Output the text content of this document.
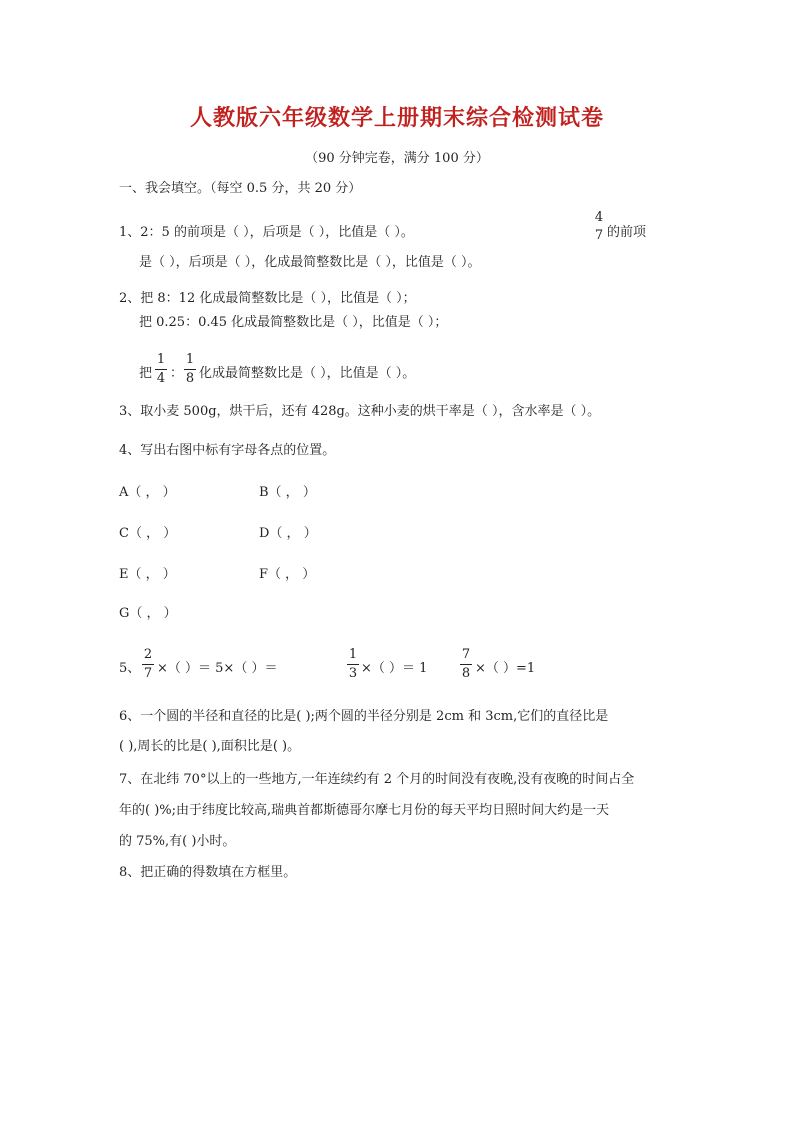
人教版六年级数学上册期末综合检测试卷
（90 分钟完卷，满分 100 分）
一、我会填空。（每空 0.5 分，共 20 分）
1、2：5 的前项是（ ），后项是（ ），比值是（ ）。
4
7 的前项
是（ ），后项是（ ），化成最简整数比是（ ），比值是（ ）。
2、把 8：12 化成最简整数比是（ ），比值是（ ）；
把 0.25：0.45 化成最简整数比是（ ），比值是（ ）；
把
1
4 ：
1
8 化成最简整数比是（ ），比值是（ ）。
3、取小麦 500g，烘干后，还有 428g。这种小麦的烘干率是（ ），含水率是（ ）。
4、写出右图中标有字母各点的位置。
A（ ， ）	B（ ， ）
C（ ， ）	D（ ， ）
E（ ， ）	F（ ， ）
G（ ， ）
5、
2
7 ×（ ）＝ 5×（ ）＝
1
3 ×（ ）＝ 1
7
8 ×（ ）=1
6、一个圆的半径和直径的比是( );两个圆的半径分别是 2cm 和 3cm,它们的直径比是
( ),周长的比是( ),面积比是( )。
7、在北纬 70°以上的一些地方,一年连续约有 2 个月的时间没有夜晚,没有夜晚的时间占全
年的( )%;由于纬度比较高,瑞典首都斯德哥尔摩七月份的每天平均日照时间大约是一天
的 75%,有( )小时。
8、把正确的得数填在方框里。
